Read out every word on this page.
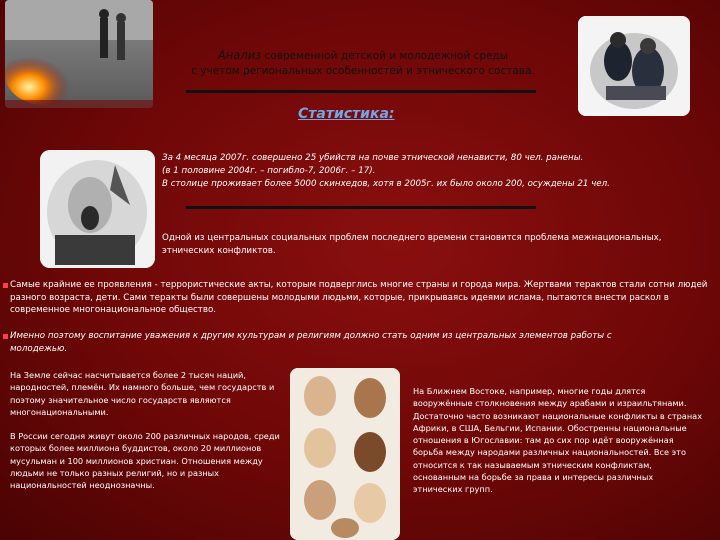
Анализ современной детской и молодежной среды
с учетом региональных особенностей и этнического состава.
Статистика:
За 4 месяца 2007г. совершено 25 убийств на почве этнической ненависти, 80 чел. ранены.
(в 1 половине 2004г. – погибло-7, 2006г. – 17).
В столице проживает более 5000 скинхедов, хотя в 2005г. их было около 200, осуждены 21 чел.
Одной из центральных социальных проблем последнего времени становится проблема межнациональных, этнических конфликтов.
Самые крайние ее проявления - террористические акты, которым подверглись многие страны и города мира. Жертвами терактов стали сотни людей разного возраста, дети. Сами теракты были совершены молодыми людьми, которые, прикрываясь идеями ислама, пытаются внести раскол в современное многонациональное общество.
Именно поэтому воспитание уважения к другим культурам и религиям должно стать одним из центральных элементов работы с молодежью.
На Земле сейчас насчитывается более 2 тысяч наций, народностей, племён. Их намного больше, чем государств и поэтому значительное число государств являются многонациональными.
В России сегодня живут около 200 различных народов, среди которых более миллиона буддистов, около 20 миллионов мусульман и 100 миллионов христиан. Отношения между людьми не только разных религий, но и разных национальностей неоднозначны.
На Ближнем Востоке, например, многие годы длятся вооружённые столкновения между арабами и израильтянами. Достаточно часто возникают национальные конфликты в странах Африки, в США, Бельгии, Испании. Обостренны национальные отношения в Югославии: там до сих пор идёт вооружённая борьба между народами различных национальностей. Все это относится к так называемым этническим конфликтам, основанным на борьбе за права и интересы различных этнических групп.
